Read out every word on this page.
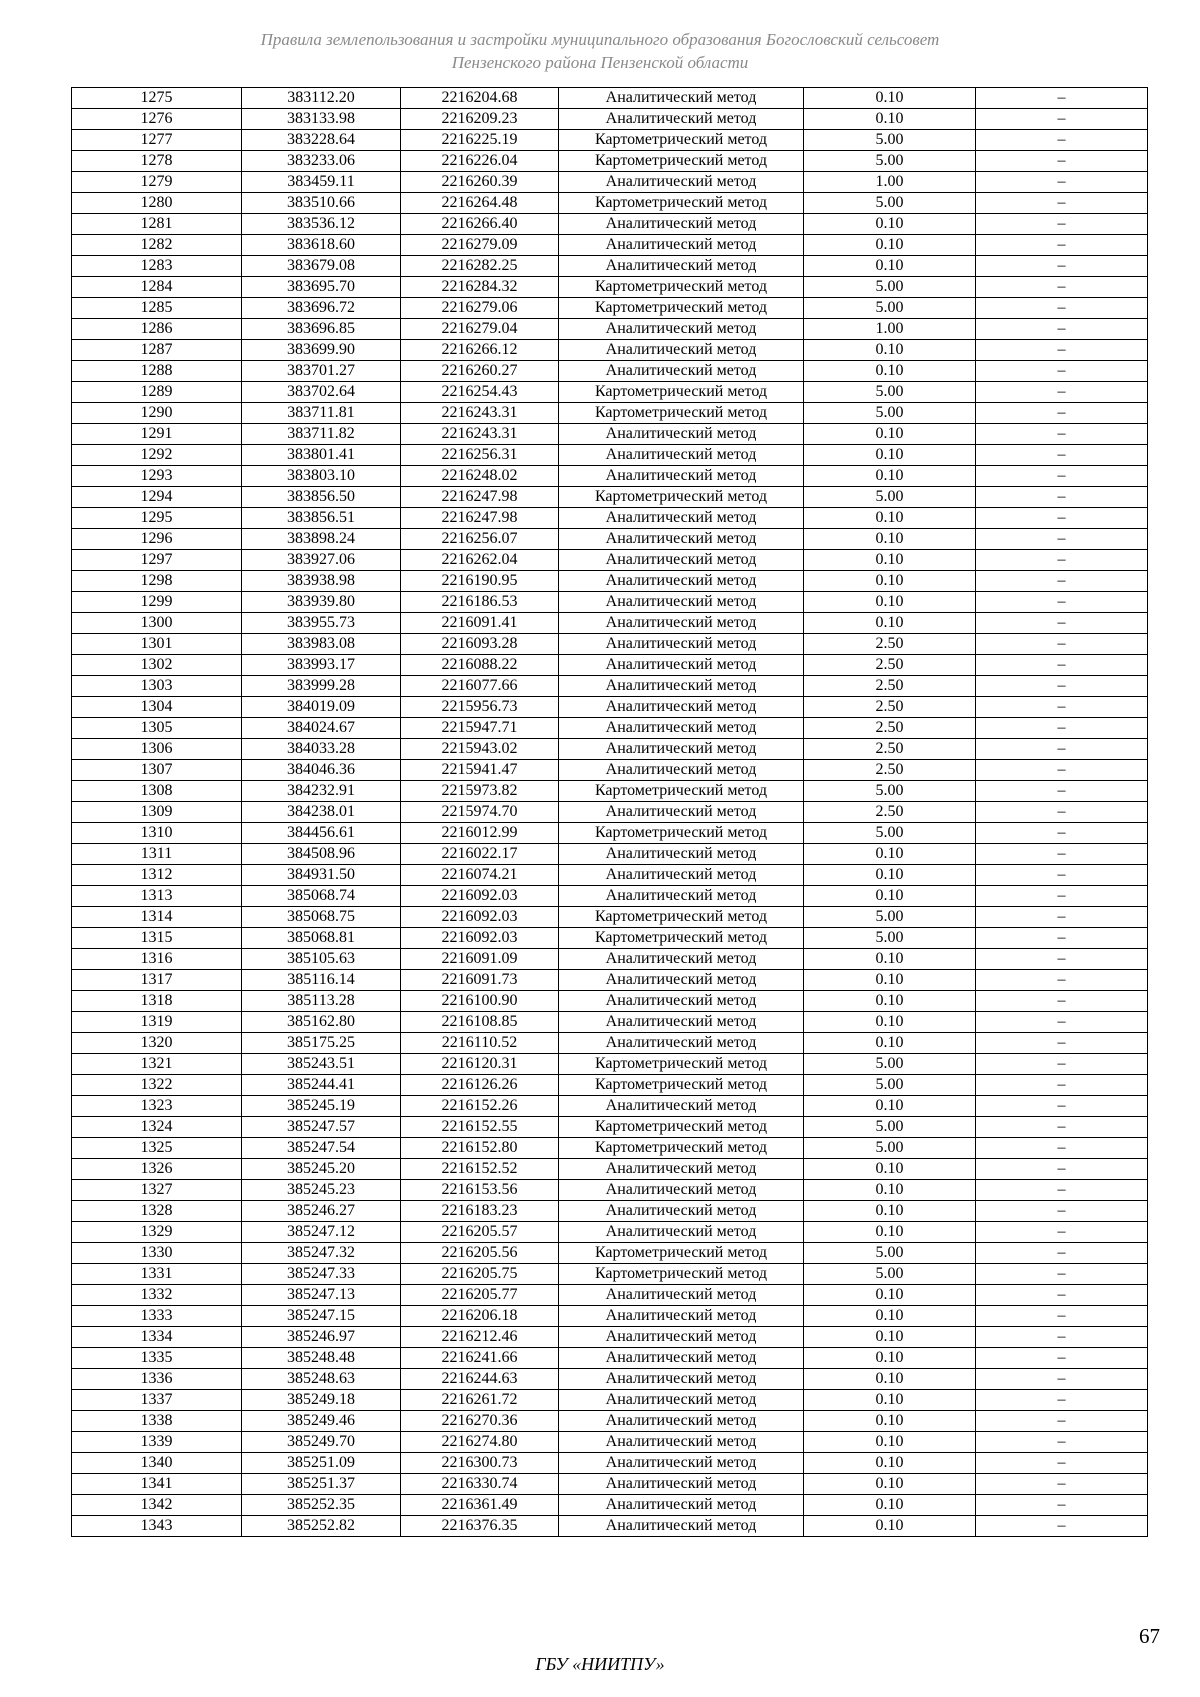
Правила землепользования и застройки муниципального образования Богословский сельсовет
Пензенского района Пензенской области
1275	383112.20	2216204.68	Аналитический метод	0.10	–
1276	383133.98	2216209.23	Аналитический метод	0.10	–
1277	383228.64	2216225.19	Картометрический метод	5.00	–
1278	383233.06	2216226.04	Картометрический метод	5.00	–
1279	383459.11	2216260.39	Аналитический метод	1.00	–
1280	383510.66	2216264.48	Картометрический метод	5.00	–
1281	383536.12	2216266.40	Аналитический метод	0.10	–
1282	383618.60	2216279.09	Аналитический метод	0.10	–
1283	383679.08	2216282.25	Аналитический метод	0.10	–
1284	383695.70	2216284.32	Картометрический метод	5.00	–
1285	383696.72	2216279.06	Картометрический метод	5.00	–
1286	383696.85	2216279.04	Аналитический метод	1.00	–
1287	383699.90	2216266.12	Аналитический метод	0.10	–
1288	383701.27	2216260.27	Аналитический метод	0.10	–
1289	383702.64	2216254.43	Картометрический метод	5.00	–
1290	383711.81	2216243.31	Картометрический метод	5.00	–
1291	383711.82	2216243.31	Аналитический метод	0.10	–
1292	383801.41	2216256.31	Аналитический метод	0.10	–
1293	383803.10	2216248.02	Аналитический метод	0.10	–
1294	383856.50	2216247.98	Картометрический метод	5.00	–
1295	383856.51	2216247.98	Аналитический метод	0.10	–
1296	383898.24	2216256.07	Аналитический метод	0.10	–
1297	383927.06	2216262.04	Аналитический метод	0.10	–
1298	383938.98	2216190.95	Аналитический метод	0.10	–
1299	383939.80	2216186.53	Аналитический метод	0.10	–
1300	383955.73	2216091.41	Аналитический метод	0.10	–
1301	383983.08	2216093.28	Аналитический метод	2.50	–
1302	383993.17	2216088.22	Аналитический метод	2.50	–
1303	383999.28	2216077.66	Аналитический метод	2.50	–
1304	384019.09	2215956.73	Аналитический метод	2.50	–
1305	384024.67	2215947.71	Аналитический метод	2.50	–
1306	384033.28	2215943.02	Аналитический метод	2.50	–
1307	384046.36	2215941.47	Аналитический метод	2.50	–
1308	384232.91	2215973.82	Картометрический метод	5.00	–
1309	384238.01	2215974.70	Аналитический метод	2.50	–
1310	384456.61	2216012.99	Картометрический метод	5.00	–
1311	384508.96	2216022.17	Аналитический метод	0.10	–
1312	384931.50	2216074.21	Аналитический метод	0.10	–
1313	385068.74	2216092.03	Аналитический метод	0.10	–
1314	385068.75	2216092.03	Картометрический метод	5.00	–
1315	385068.81	2216092.03	Картометрический метод	5.00	–
1316	385105.63	2216091.09	Аналитический метод	0.10	–
1317	385116.14	2216091.73	Аналитический метод	0.10	–
1318	385113.28	2216100.90	Аналитический метод	0.10	–
1319	385162.80	2216108.85	Аналитический метод	0.10	–
1320	385175.25	2216110.52	Аналитический метод	0.10	–
1321	385243.51	2216120.31	Картометрический метод	5.00	–
1322	385244.41	2216126.26	Картометрический метод	5.00	–
1323	385245.19	2216152.26	Аналитический метод	0.10	–
1324	385247.57	2216152.55	Картометрический метод	5.00	–
1325	385247.54	2216152.80	Картометрический метод	5.00	–
1326	385245.20	2216152.52	Аналитический метод	0.10	–
1327	385245.23	2216153.56	Аналитический метод	0.10	–
1328	385246.27	2216183.23	Аналитический метод	0.10	–
1329	385247.12	2216205.57	Аналитический метод	0.10	–
1330	385247.32	2216205.56	Картометрический метод	5.00	–
1331	385247.33	2216205.75	Картометрический метод	5.00	–
1332	385247.13	2216205.77	Аналитический метод	0.10	–
1333	385247.15	2216206.18	Аналитический метод	0.10	–
1334	385246.97	2216212.46	Аналитический метод	0.10	–
1335	385248.48	2216241.66	Аналитический метод	0.10	–
1336	385248.63	2216244.63	Аналитический метод	0.10	–
1337	385249.18	2216261.72	Аналитический метод	0.10	–
1338	385249.46	2216270.36	Аналитический метод	0.10	–
1339	385249.70	2216274.80	Аналитический метод	0.10	–
1340	385251.09	2216300.73	Аналитический метод	0.10	–
1341	385251.37	2216330.74	Аналитический метод	0.10	–
1342	385252.35	2216361.49	Аналитический метод	0.10	–
1343	385252.82	2216376.35	Аналитический метод	0.10	–
67
ГБУ «НИИТПУ»
